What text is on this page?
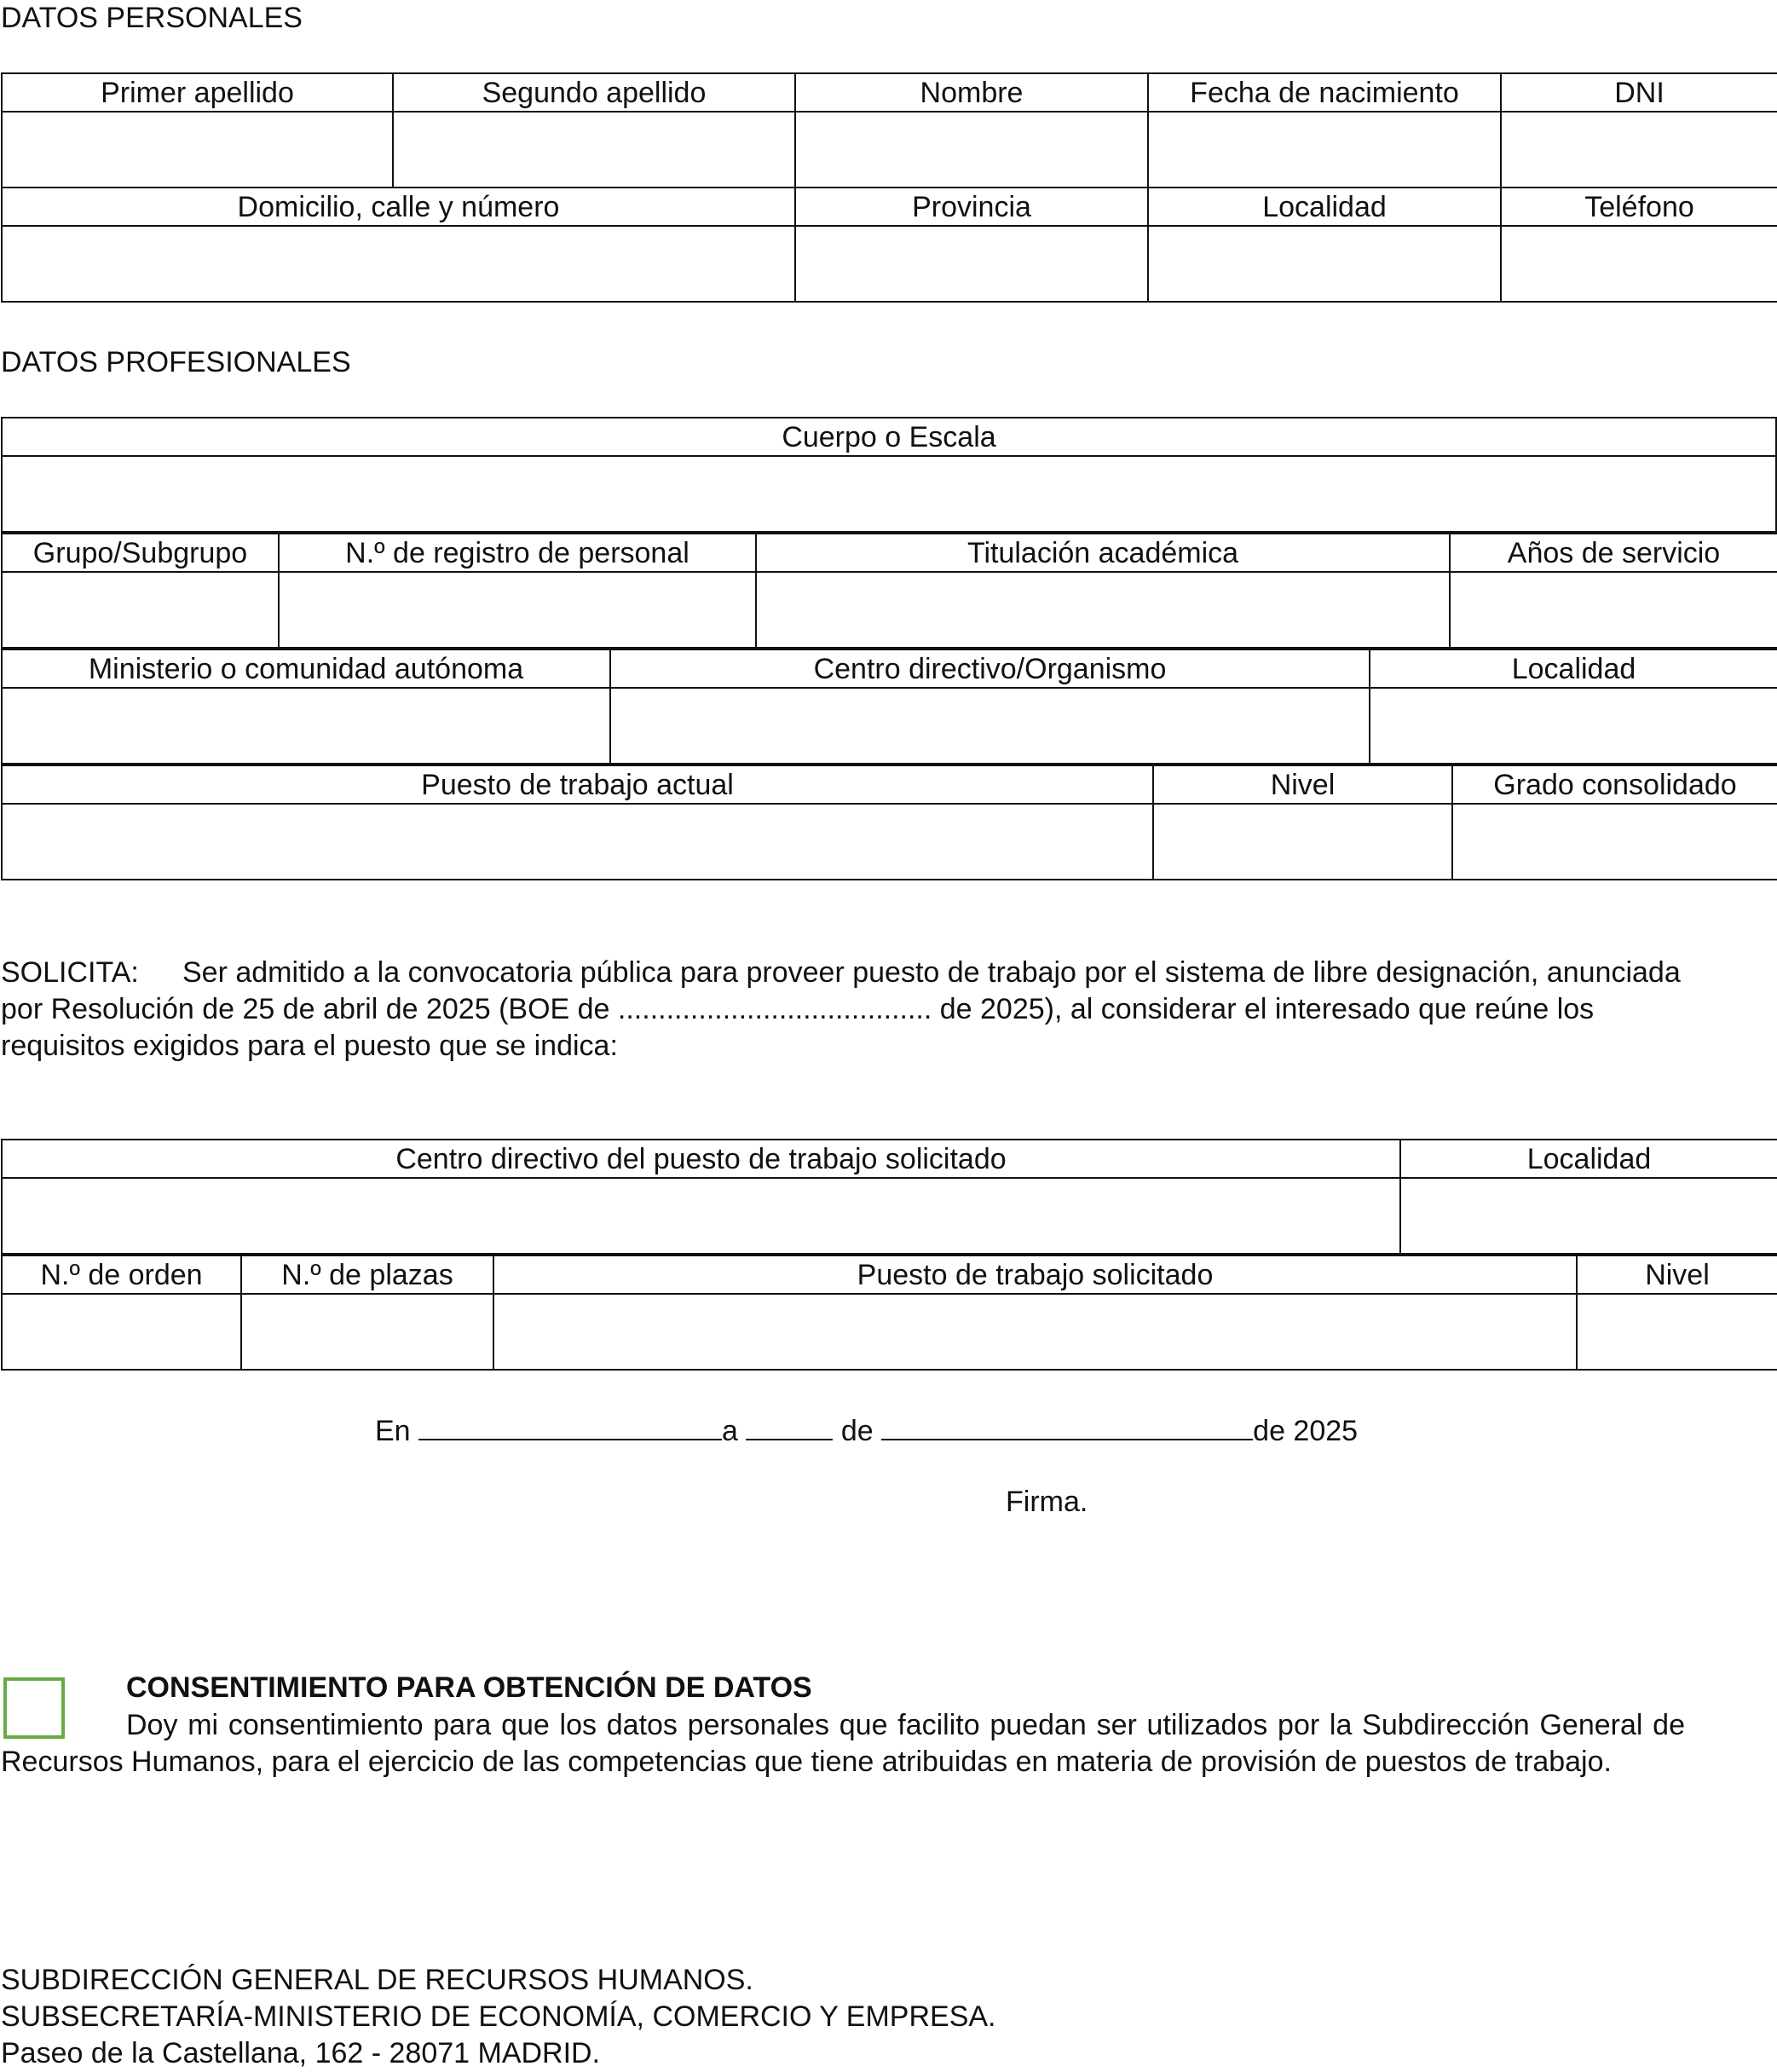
DATOS PERSONALES
Primer apellido	Segundo apellido	Nombre	Fecha de nacimiento	DNI

Domicilio, calle y número		Provincia	Localidad	Teléfono

DATOS PROFESIONALES
Cuerpo o Escala

Grupo/Subgrupo	N.º de registro de personal	Titulación académica	Años de servicio

Ministerio o comunidad autónoma	Centro directivo/Organismo	Localidad

Puesto de trabajo actual	Nivel	Grado consolidado

SOLICITA: Ser admitido a la convocatoria pública para proveer puesto de trabajo por el sistema de libre designación, anunciada por Resolución de 25 de abril de 2025 (BOE de ....................................... de 2025), al considerar el interesado que reúne los requisitos exigidos para el puesto que se indica:
Centro directivo del puesto de trabajo solicitado	Localidad

N.º de orden	N.º de plazas	Puesto de trabajo solicitado	Nivel

En	a	de	de 2025
Firma.
CONSENTIMIENTO PARA OBTENCIÓN DE DATOS
Doy mi consentimiento para que los datos personales que facilito puedan ser utilizados por la Subdirección General de Recursos Humanos, para el ejercicio de las competencias que tiene atribuidas en materia de provisión de puestos de trabajo.
SUBDIRECCIÓN GENERAL DE RECURSOS HUMANOS.
SUBSECRETARÍA-MINISTERIO DE ECONOMÍA, COMERCIO Y EMPRESA.
Paseo de la Castellana, 162 - 28071 MADRID.
